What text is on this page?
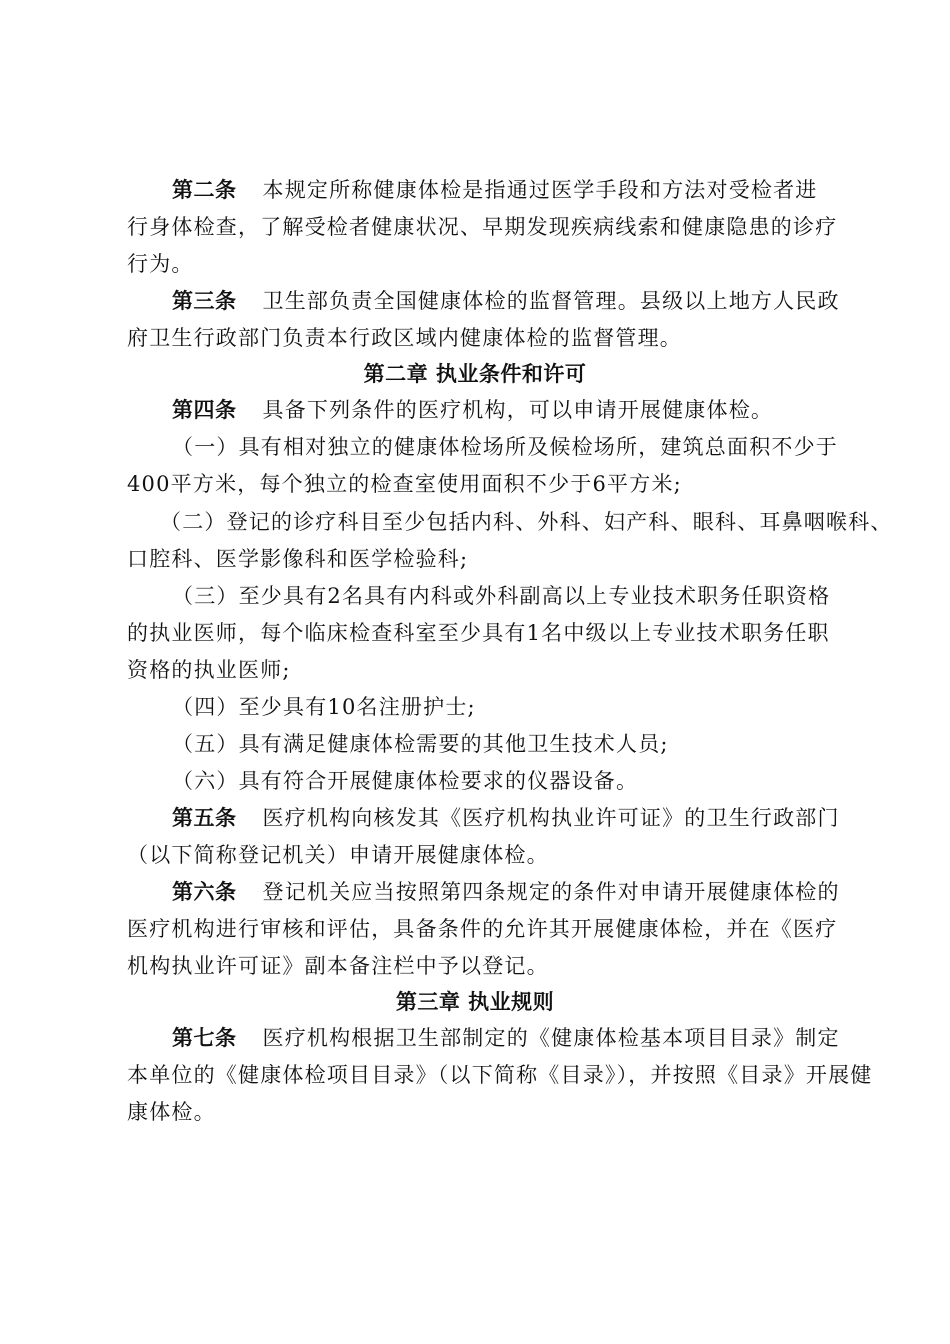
第二条 本规定所称健康体检是指通过医学手段和方法对受检者进
行身体检查，了解受检者健康状况、早期发现疾病线索和健康隐患的诊疗
行为。
第三条 卫生部负责全国健康体检的监督管理。县级以上地方人民政
府卫生行政部门负责本行政区域内健康体检的监督管理。
第二章 执业条件和许可
第四条 具备下列条件的医疗机构，可以申请开展健康体检。
（一）具有相对独立的健康体检场所及候检场所，建筑总面积不少于
400平方米，每个独立的检查室使用面积不少于6平方米;
（二）登记的诊疗科目至少包括内科、外科、妇产科、眼科、耳鼻咽喉科、
口腔科、医学影像科和医学检验科;
（三）至少具有2名具有内科或外科副高以上专业技术职务任职资格
的执业医师，每个临床检查科室至少具有1名中级以上专业技术职务任职
资格的执业医师;
（四）至少具有10名注册护士;
（五）具有满足健康体检需要的其他卫生技术人员;
（六）具有符合开展健康体检要求的仪器设备。
第五条 医疗机构向核发其《医疗机构执业许可证》的卫生行政部门
（以下简称登记机关）申请开展健康体检。
第六条 登记机关应当按照第四条规定的条件对申请开展健康体检的
医疗机构进行审核和评估，具备条件的允许其开展健康体检，并在《医疗
机构执业许可证》副本备注栏中予以登记。
第三章 执业规则
第七条 医疗机构根据卫生部制定的《健康体检基本项目目录》制定
本单位的《健康体检项目目录》（以下简称《目录》），并按照《目录》开展健
康体检。
